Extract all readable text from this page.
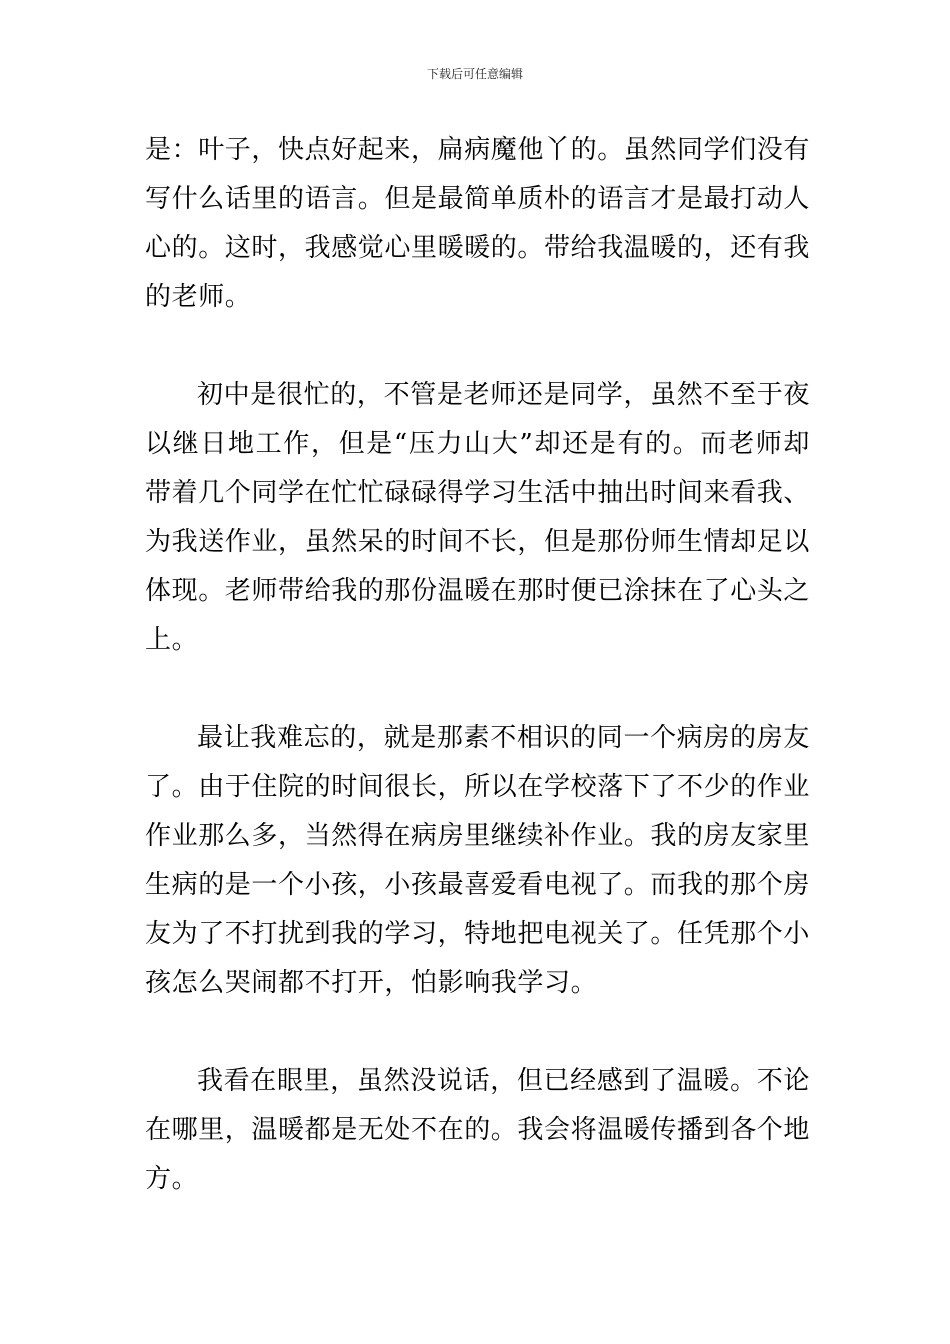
下载后可任意编辑

是：叶子，快点好起来，扁病魔他丫的。虽然同学们没有写什么话里的语言。但是最简单质朴的语言才是最打动人心的。这时，我感觉心里暖暖的。带给我温暖的，还有我的老师。

初中是很忙的，不管是老师还是同学，虽然不至于夜以继日地工作，但是“压力山大”却还是有的。而老师却带着几个同学在忙忙碌碌得学习生活中抽出时间来看我、为我送作业，虽然呆的时间不长，但是那份师生情却足以体现。老师带给我的那份温暖在那时便已涂抹在了心头之上。

最让我难忘的，就是那素不相识的同一个病房的房友了。由于住院的时间很长，所以在学校落下了不少的作业作业那么多，当然得在病房里继续补作业。我的房友家里生病的是一个小孩，小孩最喜爱看电视了。而我的那个房友为了不打扰到我的学习，特地把电视关了。任凭那个小孩怎么哭闹都不打开，怕影响我学习。

我看在眼里，虽然没说话，但已经感到了温暖。不论在哪里，温暖都是无处不在的。我会将温暖传播到各个地方。
